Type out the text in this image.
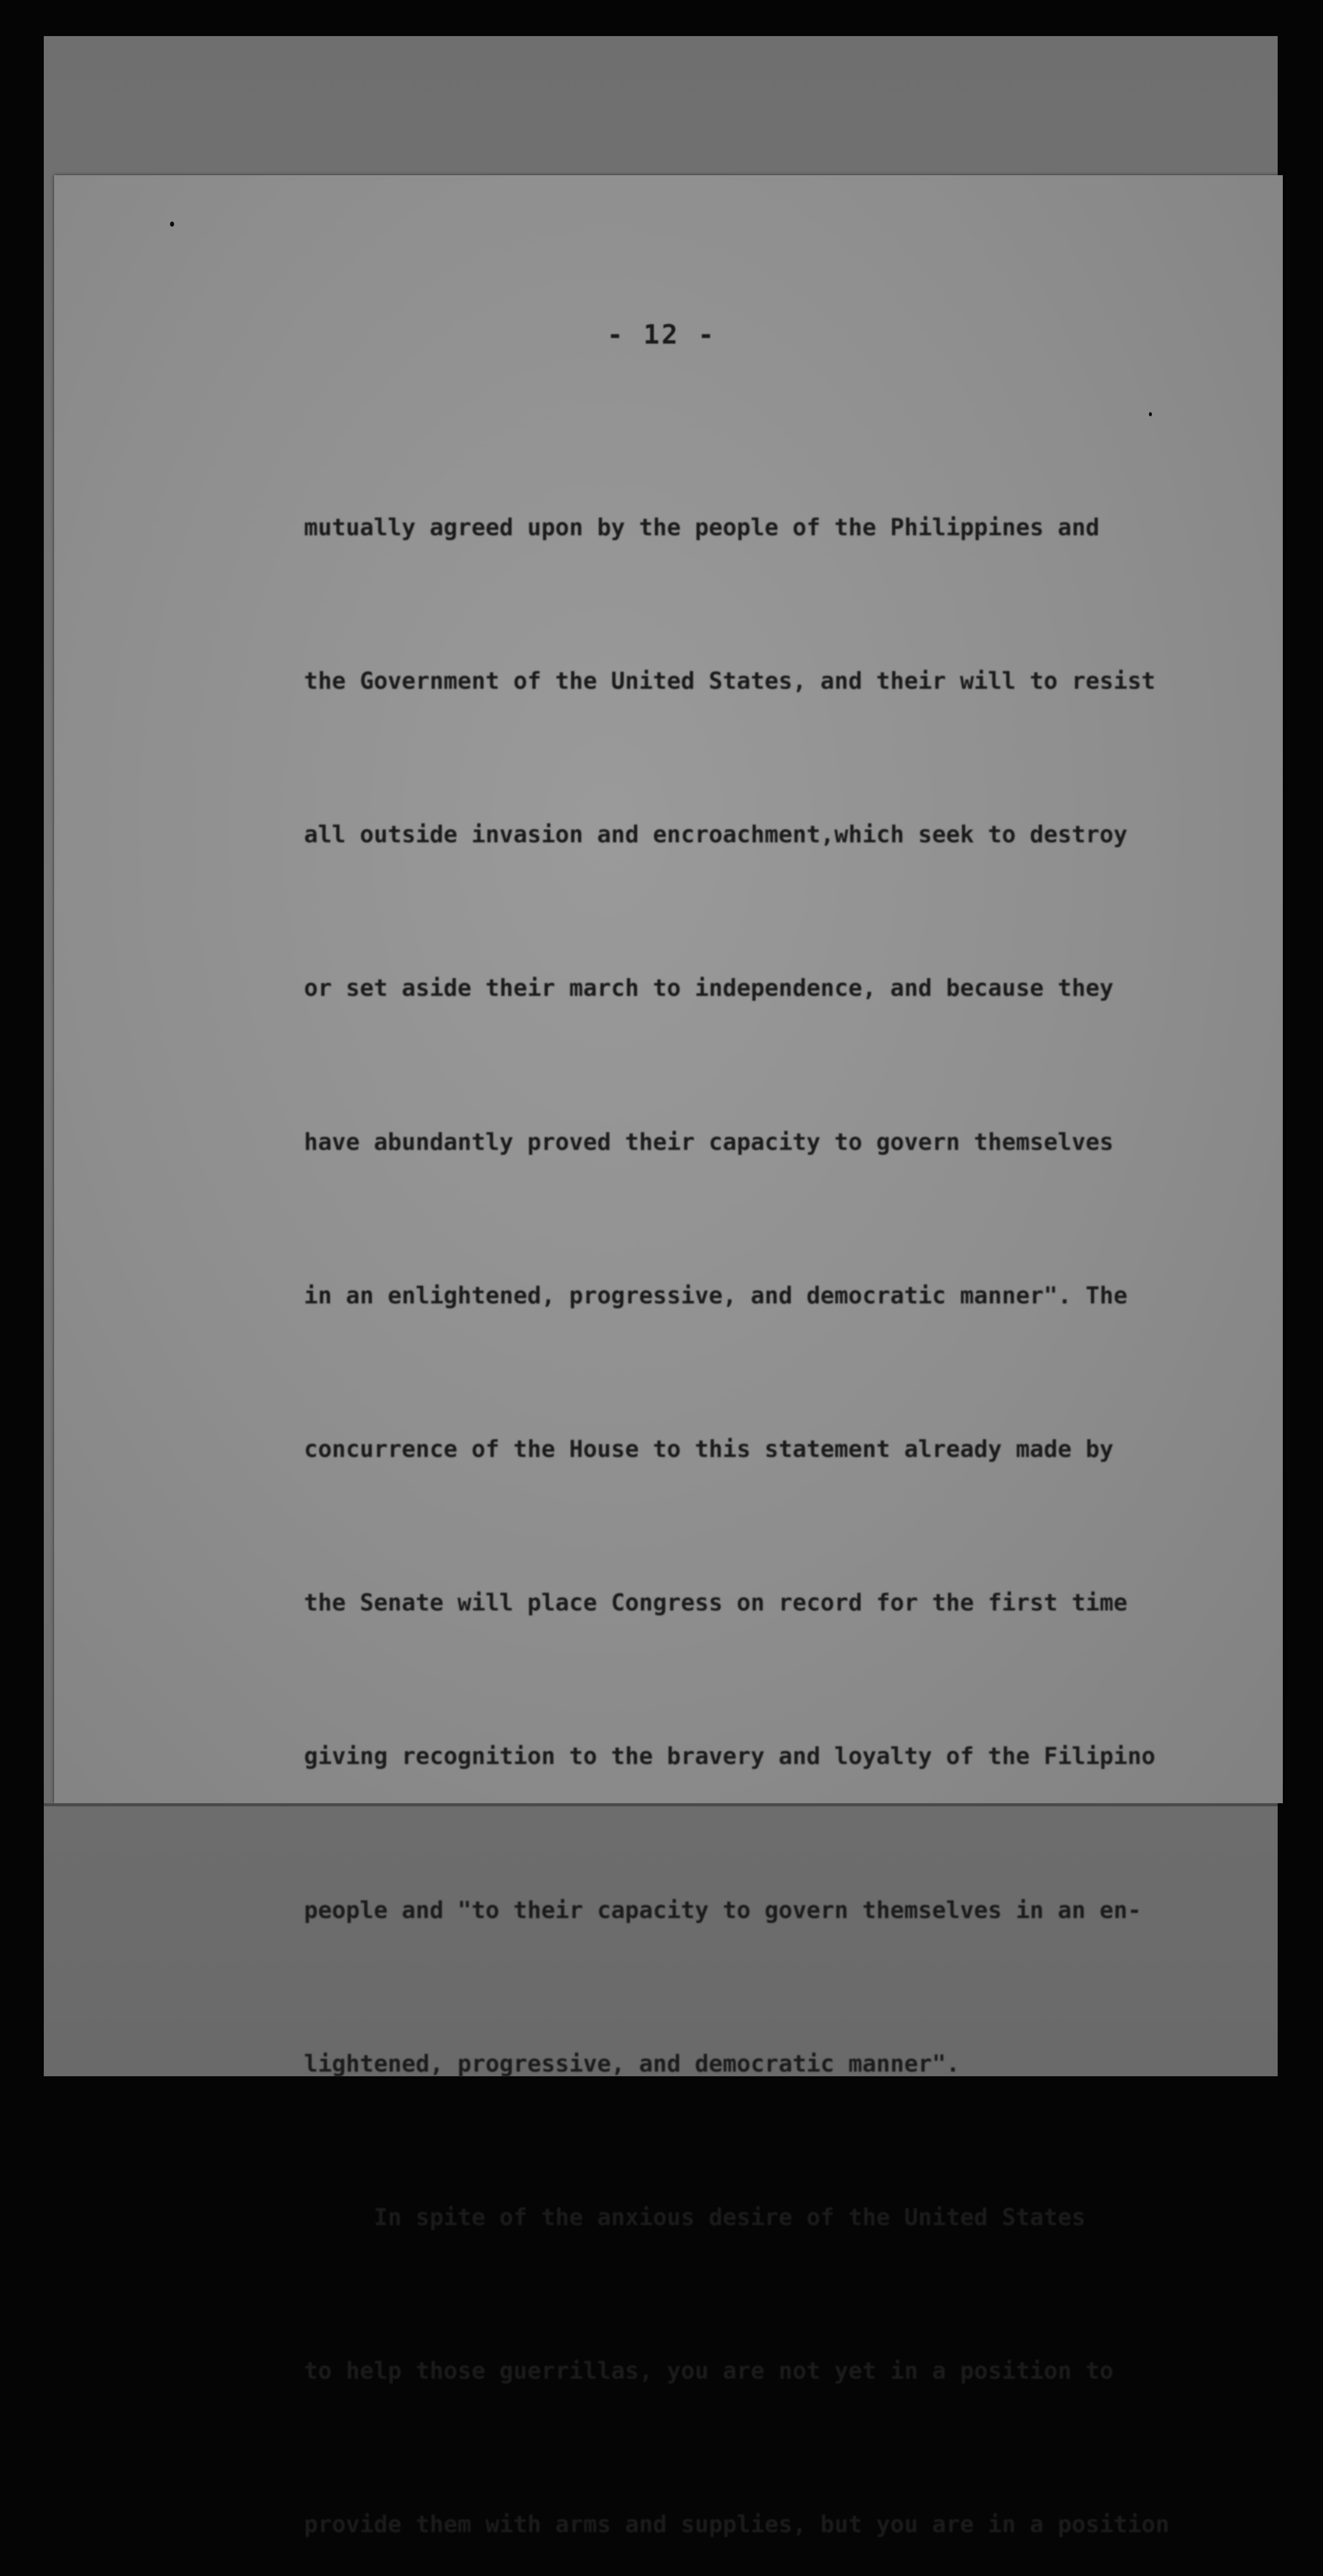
- 12 -

mutually agreed upon by the people of the Philippines and

the Government of the United States, and their will to resist

all outside invasion and encroachment,which seek to destroy

or set aside their march to independence, and because they

have abundantly proved their capacity to govern themselves

in an enlightened, progressive, and democratic manner". The

concurrence of the House to this statement already made by

the Senate will place Congress on record for the first time

giving recognition to the bravery and loyalty of the Filipino

people and "to their capacity to govern themselves in an en-

lightened, progressive, and democratic manner".

In spite of the anxious desire of the United States

to help those guerrillas, you are not yet in a position to

provide them with arms and supplies, but you are in a position
